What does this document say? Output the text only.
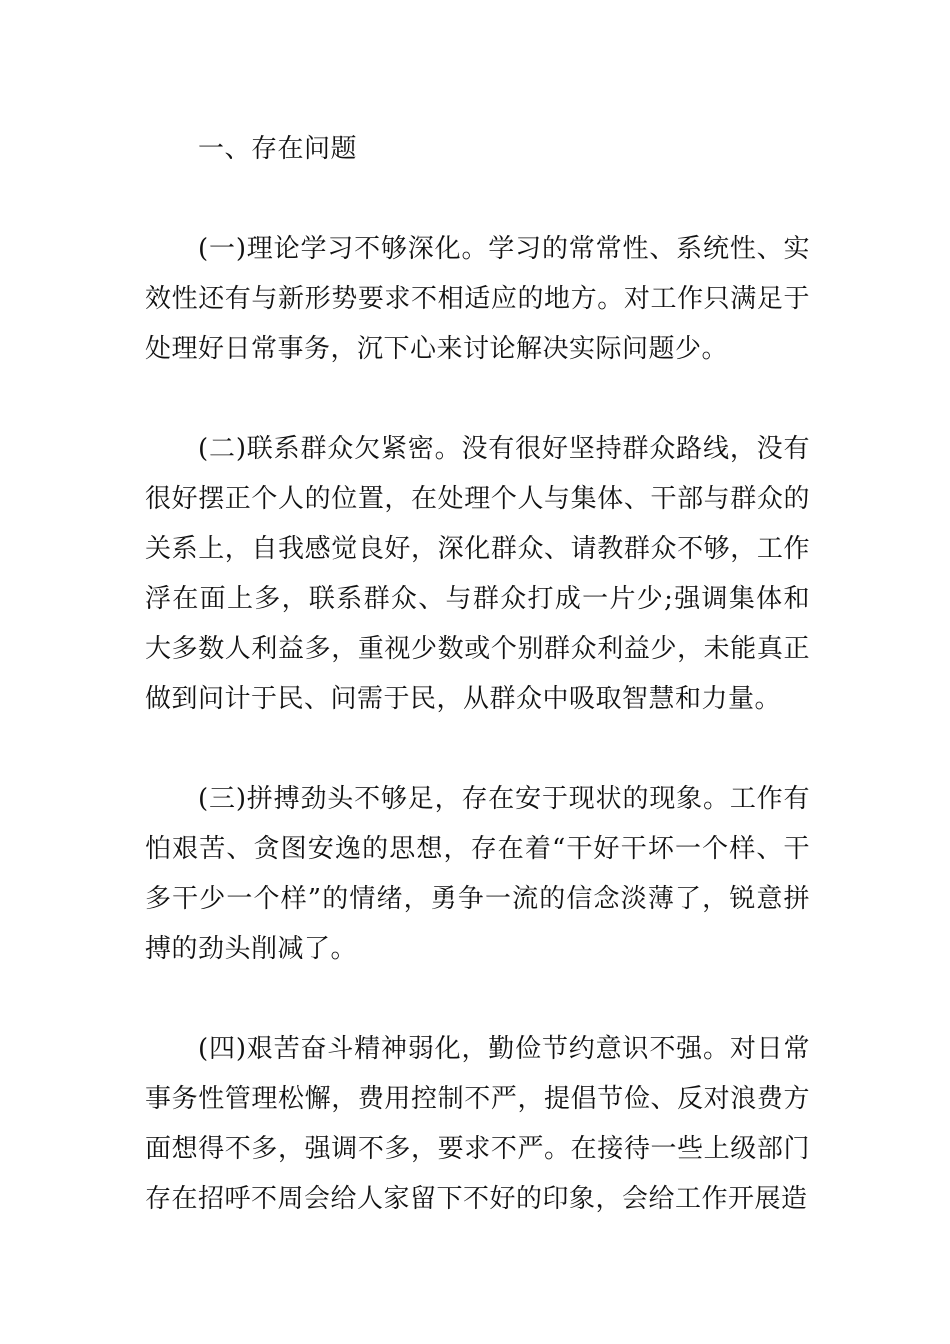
一、存在问题

(一)理论学习不够深化。学习的常常性、系统性、实效性还有与新形势要求不相适应的地方。对工作只满足于处理好日常事务，沉下心来讨论解决实际问题少。

(二)联系群众欠紧密。没有很好坚持群众路线，没有很好摆正个人的位置，在处理个人与集体、干部与群众的关系上，自我感觉良好，深化群众、请教群众不够，工作浮在面上多，联系群众、与群众打成一片少;强调集体和大多数人利益多，重视少数或个别群众利益少，未能真正做到问计于民、问需于民，从群众中吸取智慧和力量。

(三)拼搏劲头不够足，存在安于现状的现象。工作有怕艰苦、贪图安逸的思想，存在着“干好干坏一个样、干多干少一个样”的情绪，勇争一流的信念淡薄了，锐意拼搏的劲头削减了。

(四)艰苦奋斗精神弱化，勤俭节约意识不强。对日常事务性管理松懈，费用控制不严，提倡节俭、反对浪费方面想得不多，强调不多，要求不严。在接待一些上级部门存在招呼不周会给人家留下不好的印象，会给工作开展造
